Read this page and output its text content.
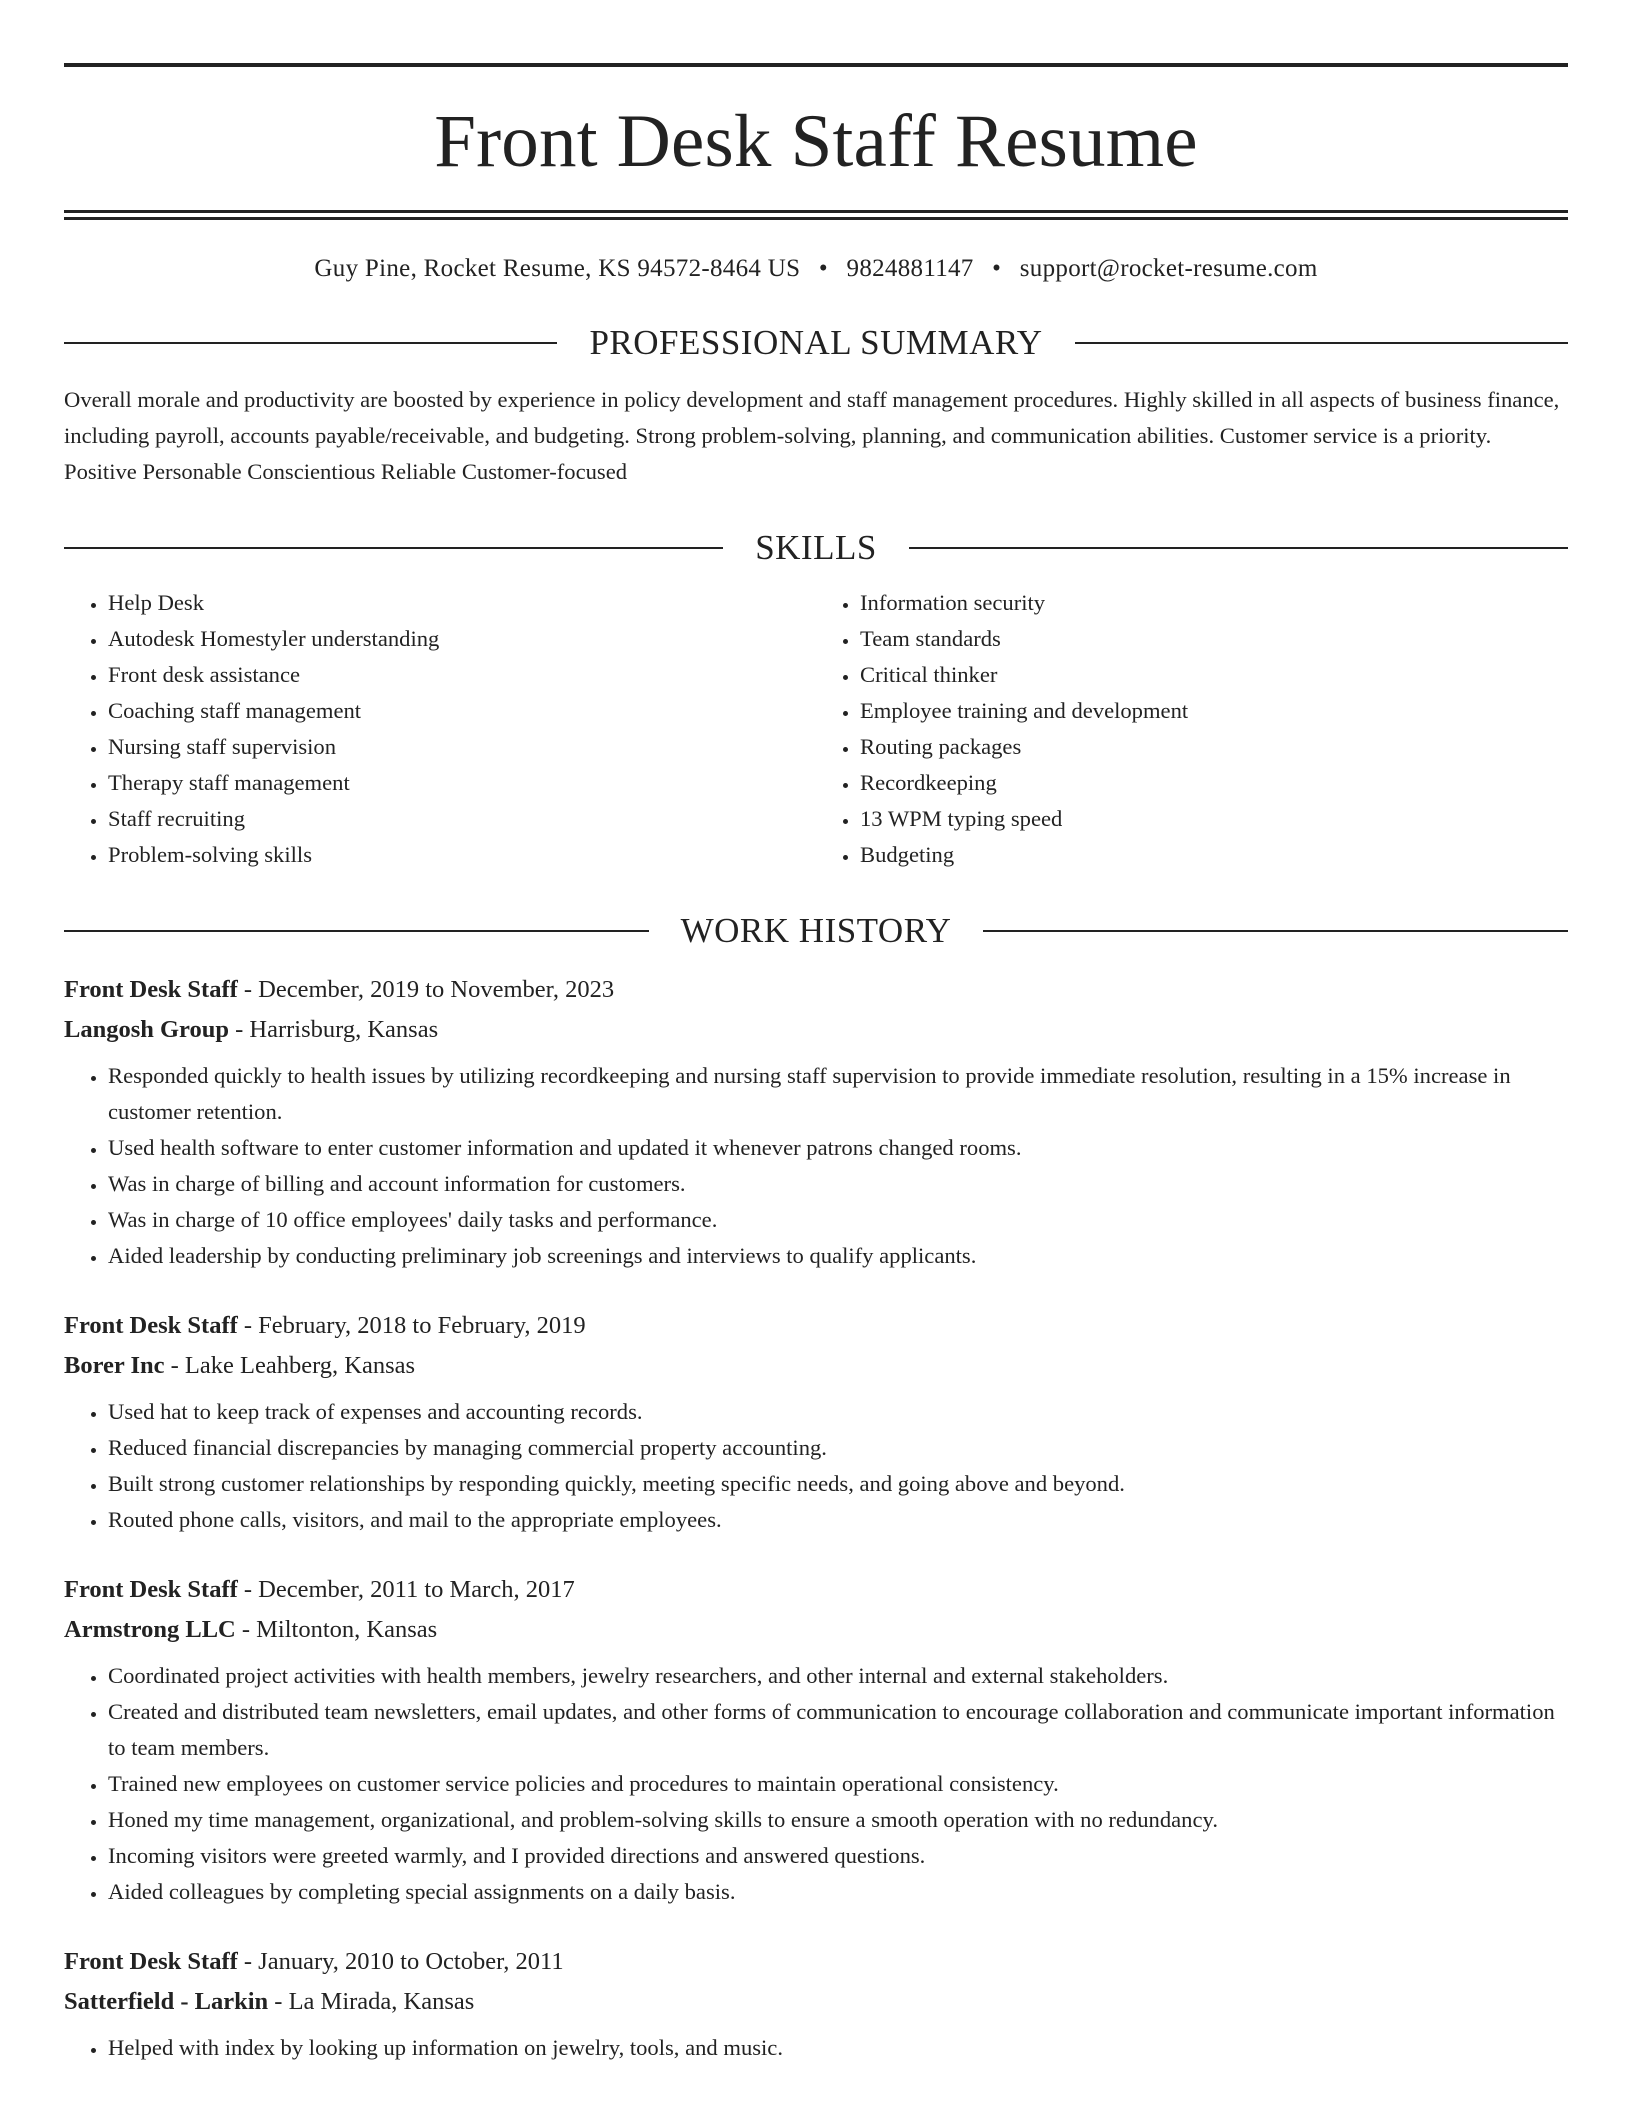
Front Desk Staff Resume
Guy Pine, Rocket Resume, KS 94572-8464 US • 9824881147 • support@rocket-resume.com
PROFESSIONAL SUMMARY
Overall morale and productivity are boosted by experience in policy development and staff management procedures. Highly skilled in all aspects of business finance, including payroll, accounts payable/receivable, and budgeting. Strong problem-solving, planning, and communication abilities. Customer service is a priority. Positive Personable Conscientious Reliable Customer-focused
SKILLS
• Help Desk
• Autodesk Homestyler understanding
• Front desk assistance
• Coaching staff management
• Nursing staff supervision
• Therapy staff management
• Staff recruiting
• Problem-solving skills
• Information security
• Team standards
• Critical thinker
• Employee training and development
• Routing packages
• Recordkeeping
• 13 WPM typing speed
• Budgeting
WORK HISTORY
Front Desk Staff - December, 2019 to November, 2023
Langosh Group - Harrisburg, Kansas
• Responded quickly to health issues by utilizing recordkeeping and nursing staff supervision to provide immediate resolution, resulting in a 15% increase in customer retention.
• Used health software to enter customer information and updated it whenever patrons changed rooms.
• Was in charge of billing and account information for customers.
• Was in charge of 10 office employees' daily tasks and performance.
• Aided leadership by conducting preliminary job screenings and interviews to qualify applicants.
Front Desk Staff - February, 2018 to February, 2019
Borer Inc - Lake Leahberg, Kansas
• Used hat to keep track of expenses and accounting records.
• Reduced financial discrepancies by managing commercial property accounting.
• Built strong customer relationships by responding quickly, meeting specific needs, and going above and beyond.
• Routed phone calls, visitors, and mail to the appropriate employees.
Front Desk Staff - December, 2011 to March, 2017
Armstrong LLC - Miltonton, Kansas
• Coordinated project activities with health members, jewelry researchers, and other internal and external stakeholders.
• Created and distributed team newsletters, email updates, and other forms of communication to encourage collaboration and communicate important information to team members.
• Trained new employees on customer service policies and procedures to maintain operational consistency.
• Honed my time management, organizational, and problem-solving skills to ensure a smooth operation with no redundancy.
• Incoming visitors were greeted warmly, and I provided directions and answered questions.
• Aided colleagues by completing special assignments on a daily basis.
Front Desk Staff - January, 2010 to October, 2011
Satterfield - Larkin - La Mirada, Kansas
• Helped with index by looking up information on jewelry, tools, and music.
